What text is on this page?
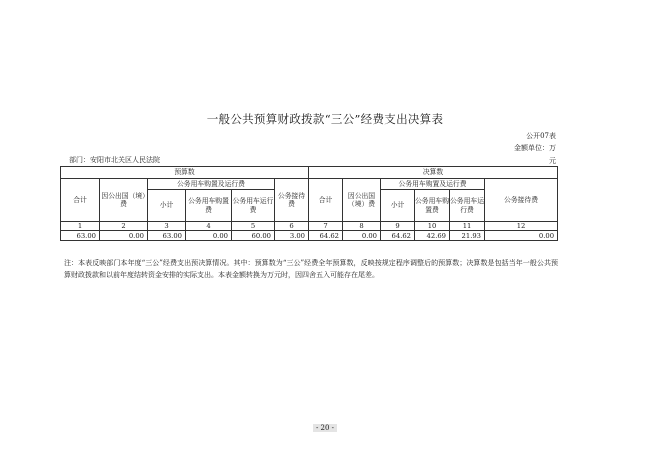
一般公共预算财政拨款“三公”经费支出决算表
公开07表
金额单位：万
元
部门：安阳市北关区人民法院
预算数						决算数					
合计	因公出国（境）费	公务用车购置及运行费			公务接待费	合计	因公出国（境）费	公务用车购置及运行费			公务接待费
		小计	公务用车购置费	公务用车运行费				小计	公务用车购置费	公务用车运行费	
1	2	3	4	5	6	7	8	9	10	11	12
63.00	0.00	63.00	0.00	60.00	3.00	64.62	0.00	64.62	42.69	21.93	0.00
注：本表反映部门本年度“三公”经费支出预决算情况。其中：预算数为“三公”经费全年预算数，反映按规定程序调整后的预算数；决算数是包括当年一般公共预算财政拨款和以前年度结转资金安排的实际支出。本表金额转换为万元时，因四舍五入可能存在尾差。
- 20 -
